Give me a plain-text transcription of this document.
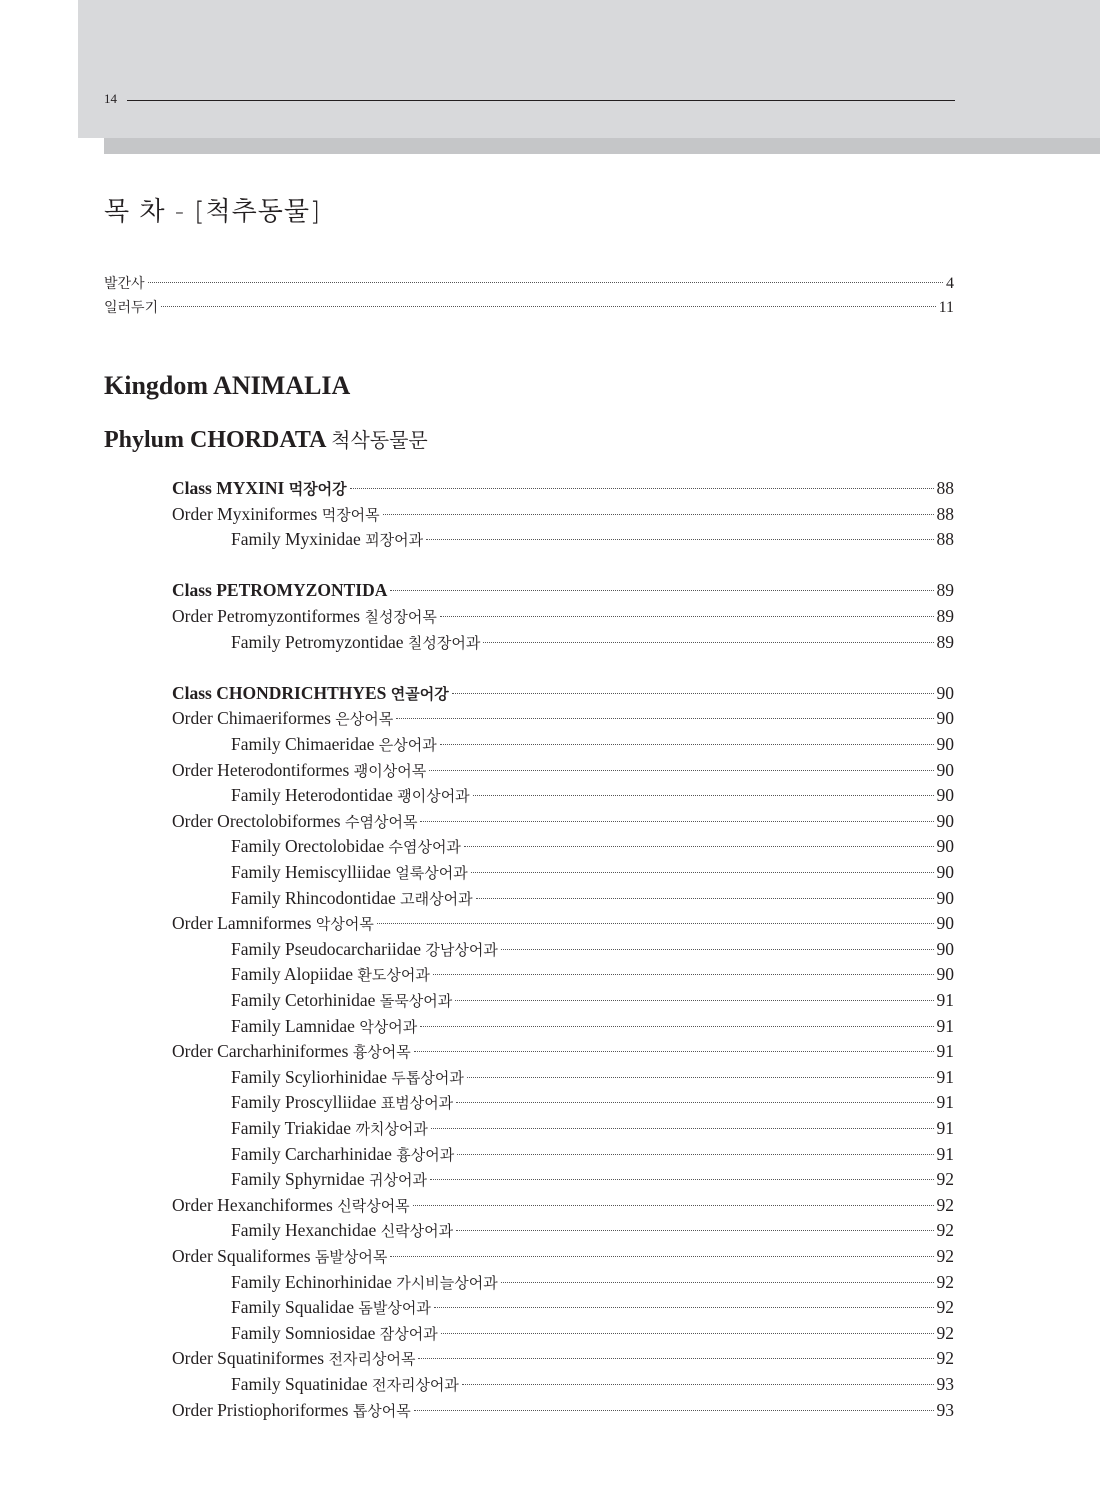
14
목 차 - [척추동물]
발간사	4
일러두기	11
Kingdom ANIMALIA
Phylum CHORDATA 척삭동물문
Class MYXINI 먹장어강	88
Order Myxiniformes 먹장어목	88
Family Myxinidae 꾀장어과	88
Class PETROMYZONTIDA	89
Order Petromyzontiformes 칠성장어목	89
Family Petromyzontidae 칠성장어과	89
Class CHONDRICHTHYES 연골어강	90
Order Chimaeriformes 은상어목	90
Family Chimaeridae 은상어과	90
Order Heterodontiformes 괭이상어목	90
Family Heterodontidae 괭이상어과	90
Order Orectolobiformes 수염상어목	90
Family Orectolobidae 수염상어과	90
Family Hemiscylliidae 얼룩상어과	90
Family Rhincodontidae 고래상어과	90
Order Lamniformes 악상어목	90
Family Pseudocarchariidae 강남상어과	90
Family Alopiidae 환도상어과	90
Family Cetorhinidae 돌묵상어과	91
Family Lamnidae 악상어과	91
Order Carcharhiniformes 흉상어목	91
Family Scyliorhinidae 두톱상어과	91
Family Proscylliidae 표범상어과	91
Family Triakidae 까치상어과	91
Family Carcharhinidae 흉상어과	91
Family Sphyrnidae 귀상어과	92
Order Hexanchiformes 신락상어목	92
Family Hexanchidae 신락상어과	92
Order Squaliformes 돔발상어목	92
Family Echinorhinidae 가시비늘상어과	92
Family Squalidae 돔발상어과	92
Family Somniosidae 잠상어과	92
Order Squatiniformes 전자리상어목	92
Family Squatinidae 전자리상어과	93
Order Pristiophoriformes 톱상어목	93
